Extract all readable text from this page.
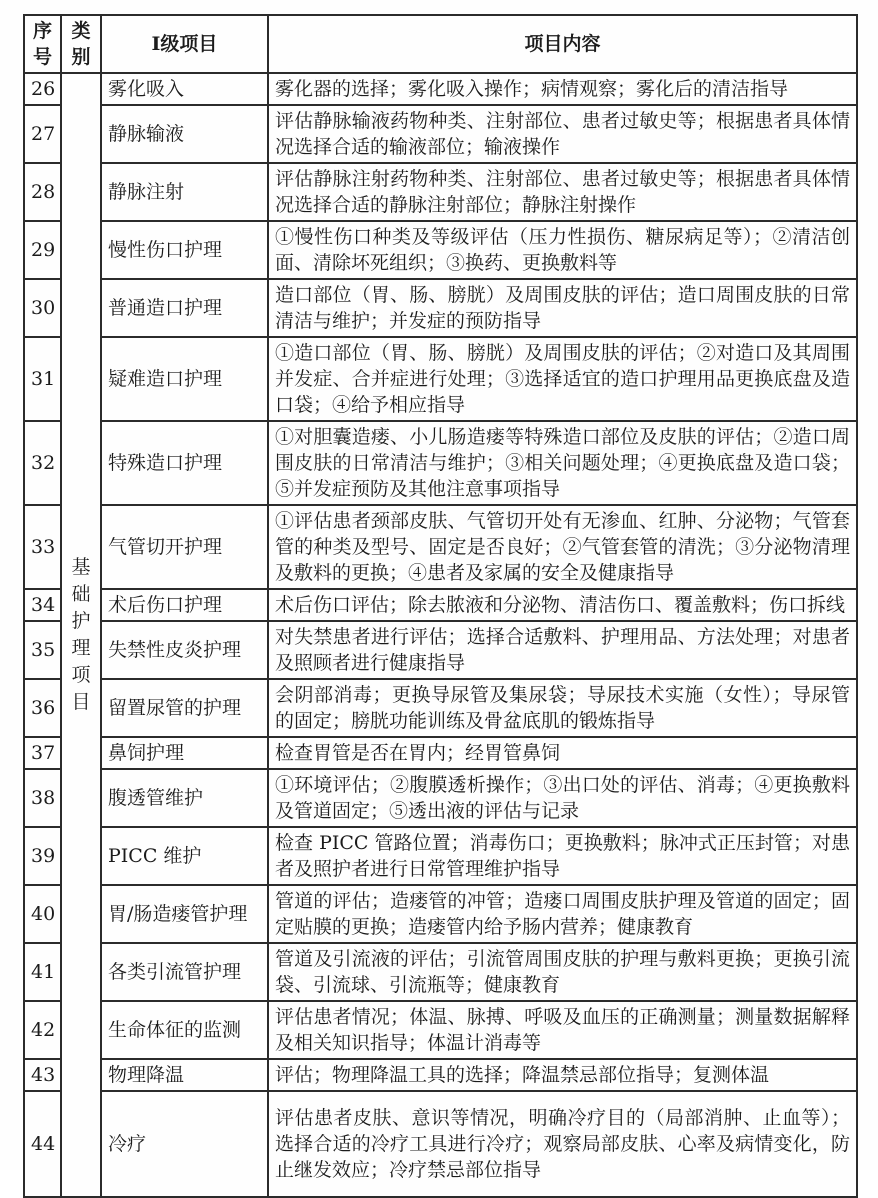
序号	类别	Ⅰ级项目	项目内容
26	基础护理项目	雾化吸入	雾化器的选择；雾化吸入操作；病情观察；雾化后的清洁指导
27		静脉输液	评估静脉输液药物种类、注射部位、患者过敏史等；根据患者具体情况选择合适的输液部位；输液操作
28		静脉注射	评估静脉注射药物种类、注射部位、患者过敏史等；根据患者具体情况选择合适的静脉注射部位；静脉注射操作
29		慢性伤口护理	①慢性伤口种类及等级评估（压力性损伤、糖尿病足等）；②清洁创面、清除坏死组织；③换药、更换敷料等
30		普通造口护理	造口部位（胃、肠、膀胱）及周围皮肤的评估；造口周围皮肤的日常清洁与维护；并发症的预防指导
31		疑难造口护理	①造口部位（胃、肠、膀胱）及周围皮肤的评估；②对造口及其周围并发症、合并症进行处理；③选择适宜的造口护理用品更换底盘及造口袋；④给予相应指导
32		特殊造口护理	①对胆囊造瘘、小儿肠造瘘等特殊造口部位及皮肤的评估；②造口周围皮肤的日常清洁与维护；③相关问题处理；④更换底盘及造口袋；⑤并发症预防及其他注意事项指导
33		气管切开护理	①评估患者颈部皮肤、气管切开处有无渗血、红肿、分泌物；气管套管的种类及型号、固定是否良好；②气管套管的清洗；③分泌物清理及敷料的更换；④患者及家属的安全及健康指导
34		术后伤口护理	术后伤口评估；除去脓液和分泌物、清洁伤口、覆盖敷料；伤口拆线
35		失禁性皮炎护理	对失禁患者进行评估；选择合适敷料、护理用品、方法处理；对患者及照顾者进行健康指导
36		留置尿管的护理	会阴部消毒；更换导尿管及集尿袋；导尿技术实施（女性）；导尿管的固定；膀胱功能训练及骨盆底肌的锻炼指导
37		鼻饲护理	检查胃管是否在胃内；经胃管鼻饲
38		腹透管维护	①环境评估；②腹膜透析操作；③出口处的评估、消毒；④更换敷料及管道固定；⑤透出液的评估与记录
39		PICC 维护	检查 PICC 管路位置；消毒伤口；更换敷料；脉冲式正压封管；对患者及照护者进行日常管理维护指导
40		胃/肠造瘘管护理	管道的评估；造瘘管的冲管；造瘘口周围皮肤护理及管道的固定；固定贴膜的更换；造瘘管内给予肠内营养；健康教育
41		各类引流管护理	管道及引流液的评估；引流管周围皮肤的护理与敷料更换；更换引流袋、引流球、引流瓶等；健康教育
42		生命体征的监测	评估患者情况；体温、脉搏、呼吸及血压的正确测量；测量数据解释及相关知识指导；体温计消毒等
43		物理降温	评估；物理降温工具的选择；降温禁忌部位指导；复测体温
44		冷疗	评估患者皮肤、意识等情况，明确冷疗目的（局部消肿、止血等）；选择合适的冷疗工具进行冷疗；观察局部皮肤、心率及病情变化，防止继发效应；冷疗禁忌部位指导
